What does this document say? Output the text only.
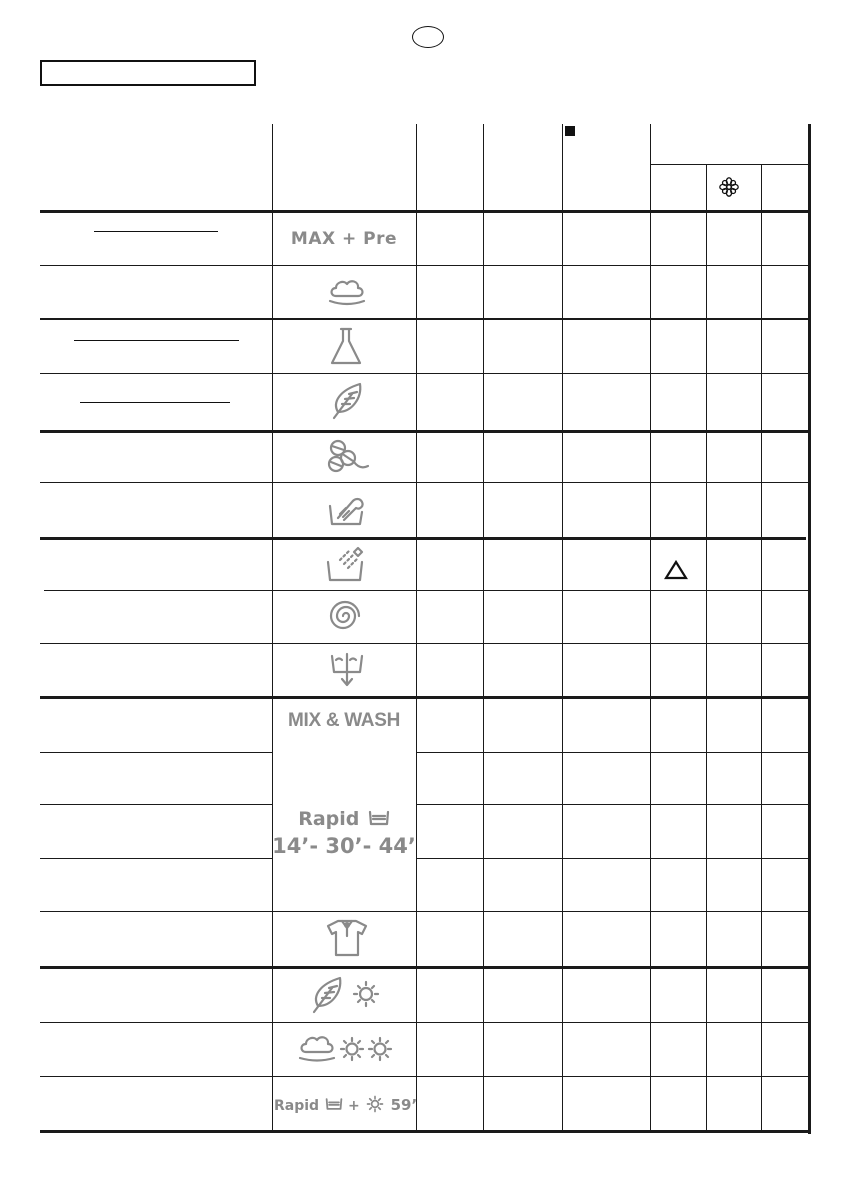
MAX + Pre
MIX & WASH
Rapid
14’- 30’- 44’
Rapid + 59’
